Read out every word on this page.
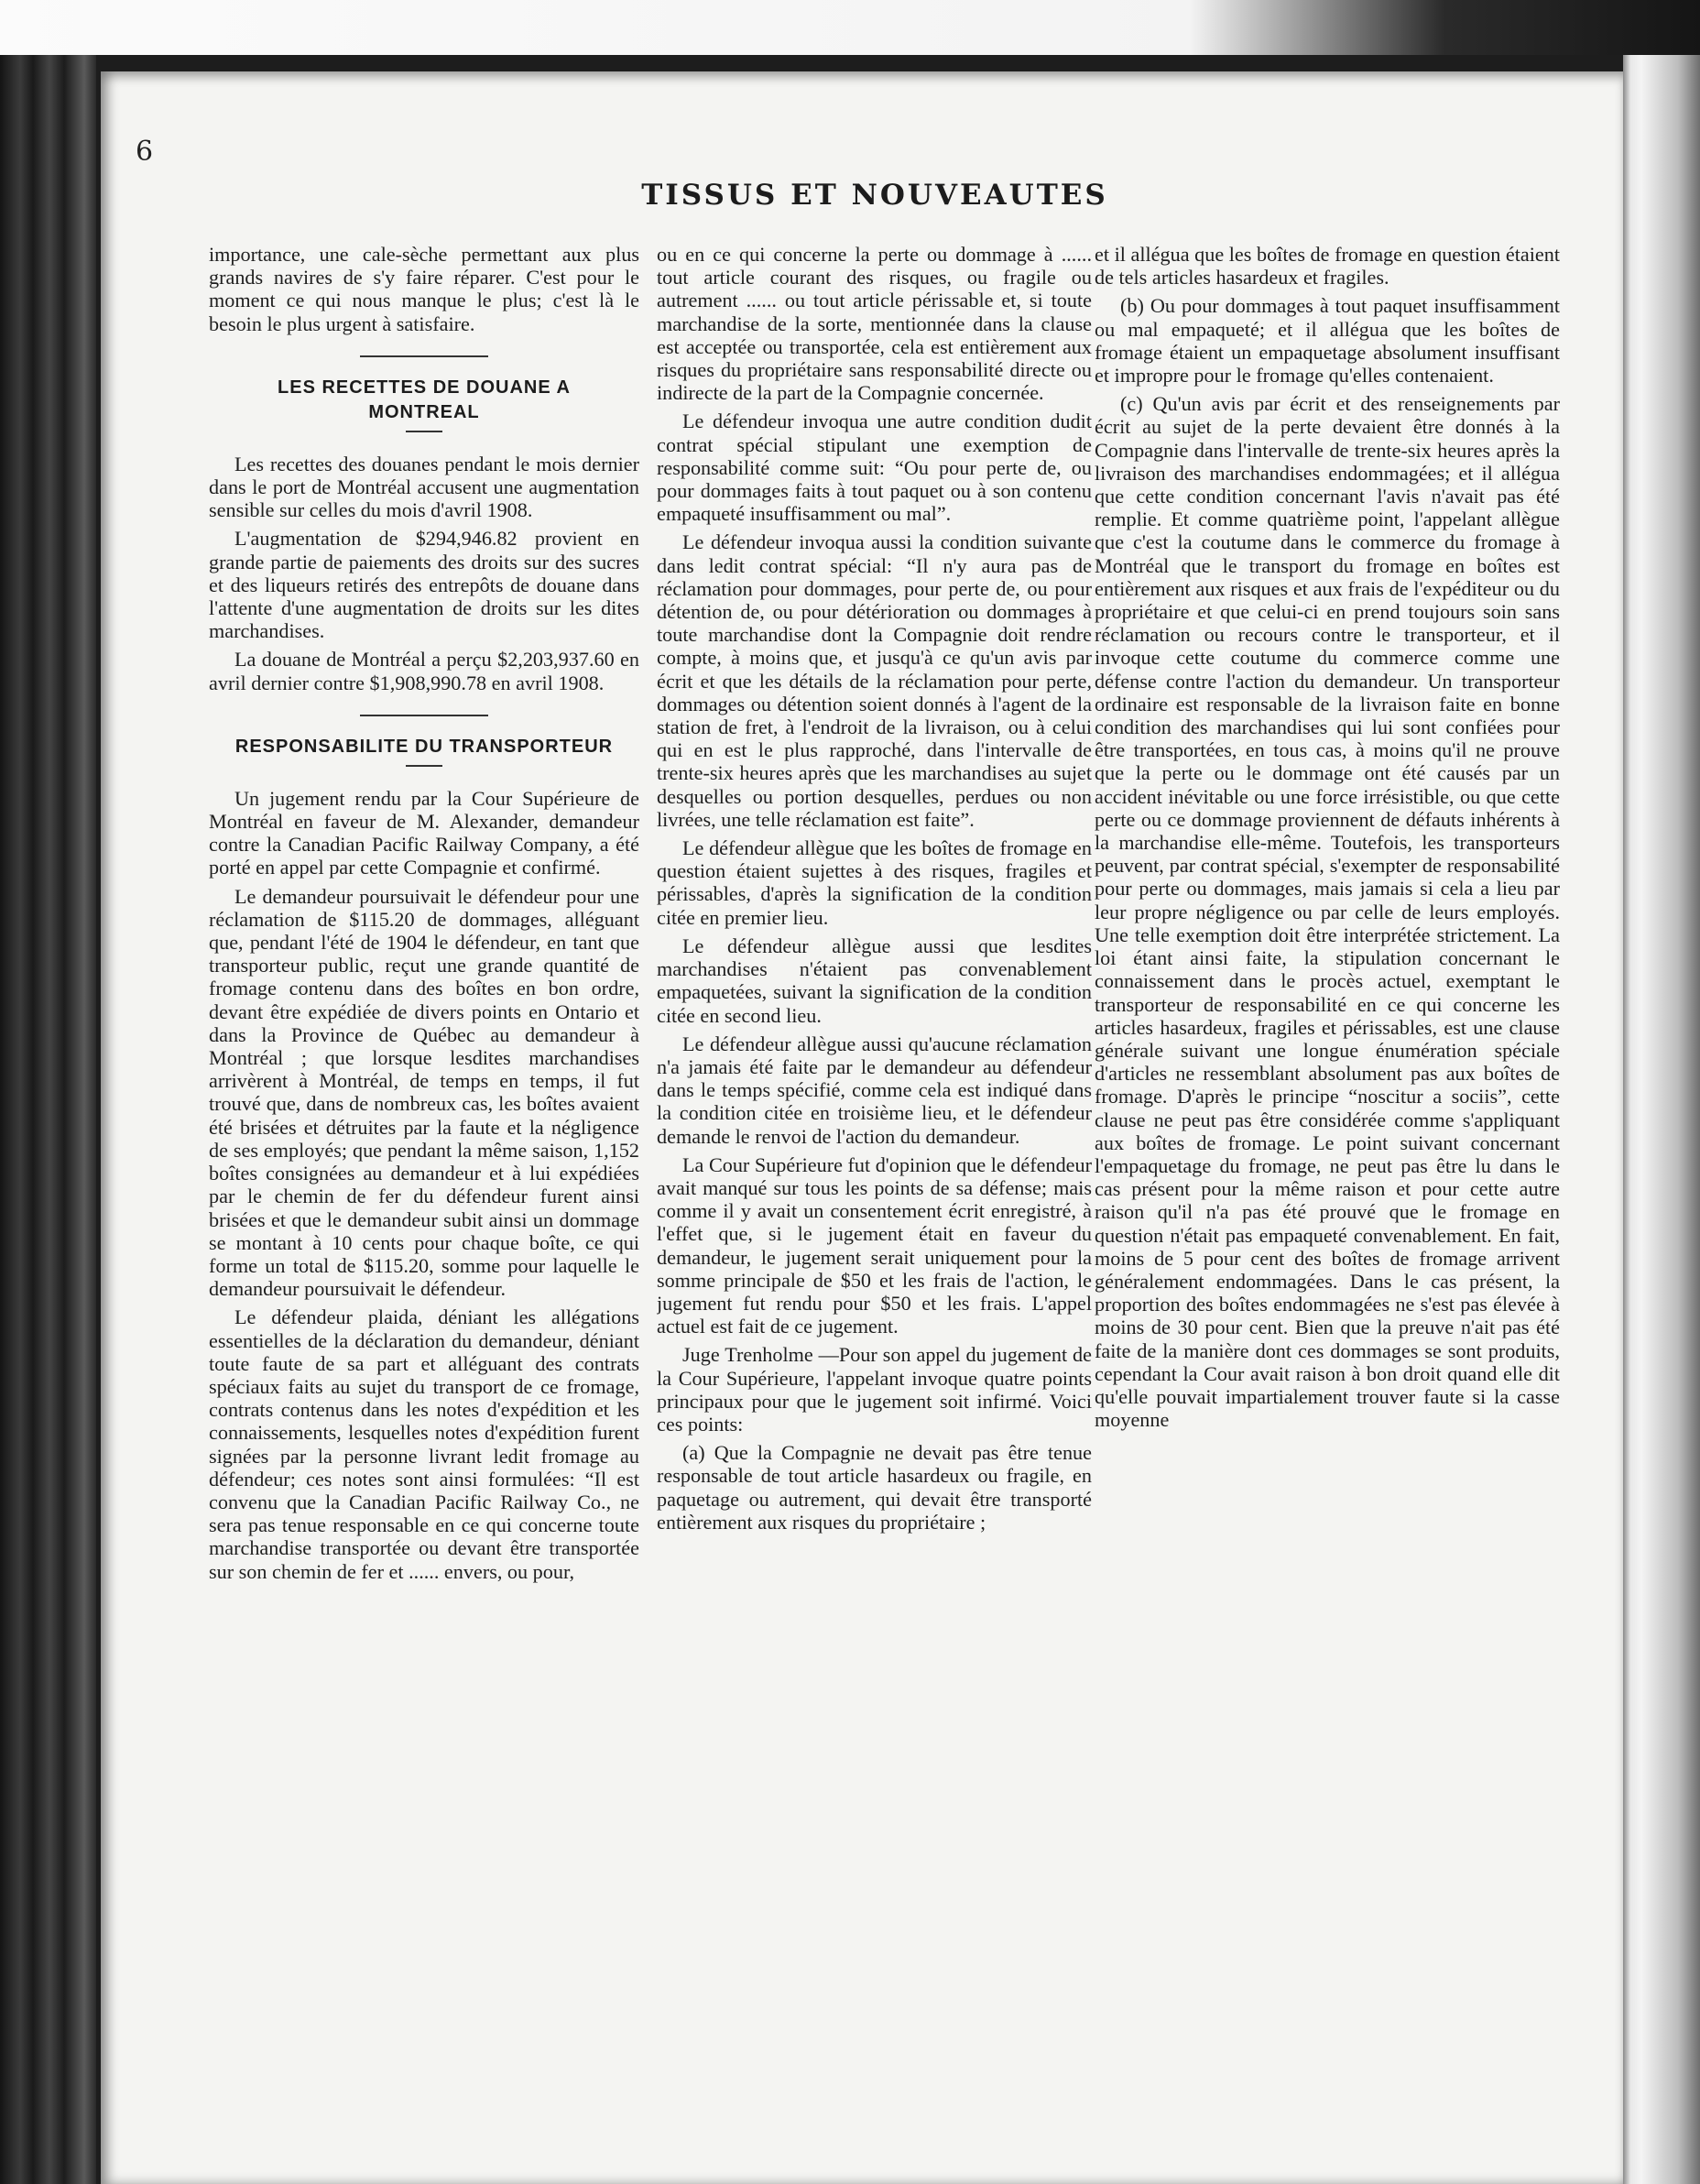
6
TISSUS ET NOUVEAUTES

importance, une cale-sèche permettant aux plus grands navires de s'y faire réparer. C'est pour le moment ce qui nous manque le plus; c'est là le besoin le plus urgent à satisfaire.

LES RECETTES DE DOUANE A MONTREAL

Les recettes des douanes pendant le mois dernier dans le port de Montréal accusent une augmentation sensible sur celles du mois d'avril 1908.

L'augmentation de $294,946.82 provient en grande partie de paiements des droits sur des sucres et des liqueurs retirés des entrepôts de douane dans l'attente d'une augmentation de droits sur les dites marchandises.

La douane de Montréal a perçu $2,203,937.60 en avril dernier contre $1,908,990.78 en avril 1908.

RESPONSABILITE DU TRANSPORTEUR

Un jugement rendu par la Cour Supérieure de Montréal en faveur de M. Alexander, demandeur contre la Canadian Pacific Railway Company, a été porté en appel par cette Compagnie et confirmé.

Le demandeur poursuivait le défendeur pour une réclamation de $115.20 de dommages, alléguant que, pendant l'été de 1904 le défendeur, en tant que transporteur public, reçut une grande quantité de fromage contenu dans des boîtes en bon ordre, devant être expédiée de divers points en Ontario et dans la Province de Québec au demandeur à Montréal ; que lorsque lesdites marchandises arrivèrent à Montréal, de temps en temps, il fut trouvé que, dans de nombreux cas, les boîtes avaient été brisées et détruites par la faute et la négligence de ses employés; que pendant la même saison, 1,152 boîtes consignées au demandeur et à lui expédiées par le chemin de fer du défendeur furent ainsi brisées et que le demandeur subit ainsi un dommage se montant à 10 cents pour chaque boîte, ce qui forme un total de $115.20, somme pour laquelle le demandeur poursuivait le défendeur.

Le défendeur plaida, déniant les allégations essentielles de la déclaration du demandeur, déniant toute faute de sa part et alléguant des contrats spéciaux faits au sujet du transport de ce fromage, contrats contenus dans les notes d'expédition et les connaissements, lesquelles notes d'expédition furent signées par la personne livrant ledit fromage au défendeur; ces notes sont ainsi formulées: “Il est convenu que la Canadian Pacific Railway Co., ne sera pas tenue responsable en ce qui concerne toute marchandise transportée ou devant être transportée sur son chemin de fer et ...... envers, ou pour,

ou en ce qui concerne la perte ou dommage à ...... tout article courant des risques, ou fragile ou autrement ...... ou tout article périssable et, si toute marchandise de la sorte, mentionnée dans la clause est acceptée ou transportée, cela est entièrement aux risques du propriétaire sans responsabilité directe ou indirecte de la part de la Compagnie concernée.

Le défendeur invoqua une autre condition dudit contrat spécial stipulant une exemption de responsabilité comme suit: “Ou pour perte de, ou pour dommages faits à tout paquet ou à son contenu empaqueté insuffisamment ou mal”.

Le défendeur invoqua aussi la condition suivante dans ledit contrat spécial: “Il n'y aura pas de réclamation pour dommages, pour perte de, ou pour détention de, ou pour détérioration ou dommages à toute marchandise dont la Compagnie doit rendre compte, à moins que, et jusqu'à ce qu'un avis par écrit et que les détails de la réclamation pour perte, dommages ou détention soient donnés à l'agent de la station de fret, à l'endroit de la livraison, ou à celui qui en est le plus rapproché, dans l'intervalle de trente-six heures après que les marchandises au sujet desquelles ou portion desquelles, perdues ou non livrées, une telle réclamation est faite”.

Le défendeur allègue que les boîtes de fromage en question étaient sujettes à des risques, fragiles et périssables, d'après la signification de la condition citée en premier lieu.

Le défendeur allègue aussi que lesdites marchandises n'étaient pas convenablement empaquetées, suivant la signification de la condition citée en second lieu.

Le défendeur allègue aussi qu'aucune réclamation n'a jamais été faite par le demandeur au défendeur dans le temps spécifié, comme cela est indiqué dans la condition citée en troisième lieu, et le défendeur demande le renvoi de l'action du demandeur.

La Cour Supérieure fut d'opinion que le défendeur avait manqué sur tous les points de sa défense; mais comme il y avait un consentement écrit enregistré, à l'effet que, si le jugement était en faveur du demandeur, le jugement serait uniquement pour la somme principale de $50 et les frais de l'action, le jugement fut rendu pour $50 et les frais. L'appel actuel est fait de ce jugement.

Juge Trenholme —Pour son appel du jugement de la Cour Supérieure, l'appelant invoque quatre points principaux pour que le jugement soit infirmé. Voici ces points:

(a) Que la Compagnie ne devait pas être tenue responsable de tout article hasardeux ou fragile, en paquetage ou autrement, qui devait être transporté entièrement aux risques du propriétaire ;

et il allégua que les boîtes de fromage en question étaient de tels articles hasardeux et fragiles.

(b) Ou pour dommages à tout paquet insuffisamment ou mal empaqueté; et il allégua que les boîtes de fromage étaient un empaquetage absolument insuffisant et impropre pour le fromage qu'elles contenaient.

(c) Qu'un avis par écrit et des renseignements par écrit au sujet de la perte devaient être donnés à la Compagnie dans l'intervalle de trente-six heures après la livraison des marchandises endommagées; et il allégua que cette condition concernant l'avis n'avait pas été remplie. Et comme quatrième point, l'appelant allègue que c'est la coutume dans le commerce du fromage à Montréal que le transport du fromage en boîtes est entièrement aux risques et aux frais de l'expéditeur ou du propriétaire et que celui-ci en prend toujours soin sans réclamation ou recours contre le transporteur, et il invoque cette coutume du commerce comme une défense contre l'action du demandeur. Un transporteur ordinaire est responsable de la livraison faite en bonne condition des marchandises qui lui sont confiées pour être transportées, en tous cas, à moins qu'il ne prouve que la perte ou le dommage ont été causés par un accident inévitable ou une force irrésistible, ou que cette perte ou ce dommage proviennent de défauts inhérents à la marchandise elle-même. Toutefois, les transporteurs peuvent, par contrat spécial, s'exempter de responsabilité pour perte ou dommages, mais jamais si cela a lieu par leur propre négligence ou par celle de leurs employés. Une telle exemption doit être interprétée strictement. La loi étant ainsi faite, la stipulation concernant le connaissement dans le procès actuel, exemptant le transporteur de responsabilité en ce qui concerne les articles hasardeux, fragiles et périssables, est une clause générale suivant une longue énumération spéciale d'articles ne ressemblant absolument pas aux boîtes de fromage. D'après le principe “noscitur a sociis”, cette clause ne peut pas être considérée comme s'appliquant aux boîtes de fromage. Le point suivant concernant l'empaquetage du fromage, ne peut pas être lu dans le cas présent pour la même raison et pour cette autre raison qu'il n'a pas été prouvé que le fromage en question n'était pas empaqueté convenablement. En fait, moins de 5 pour cent des boîtes de fromage arrivent généralement endommagées. Dans le cas présent, la proportion des boîtes endommagées ne s'est pas élevée à moins de 30 pour cent. Bien que la preuve n'ait pas été faite de la manière dont ces dommages se sont produits, cependant la Cour avait raison à bon droit quand elle dit qu'elle pouvait impartialement trouver faute si la casse moyenne
